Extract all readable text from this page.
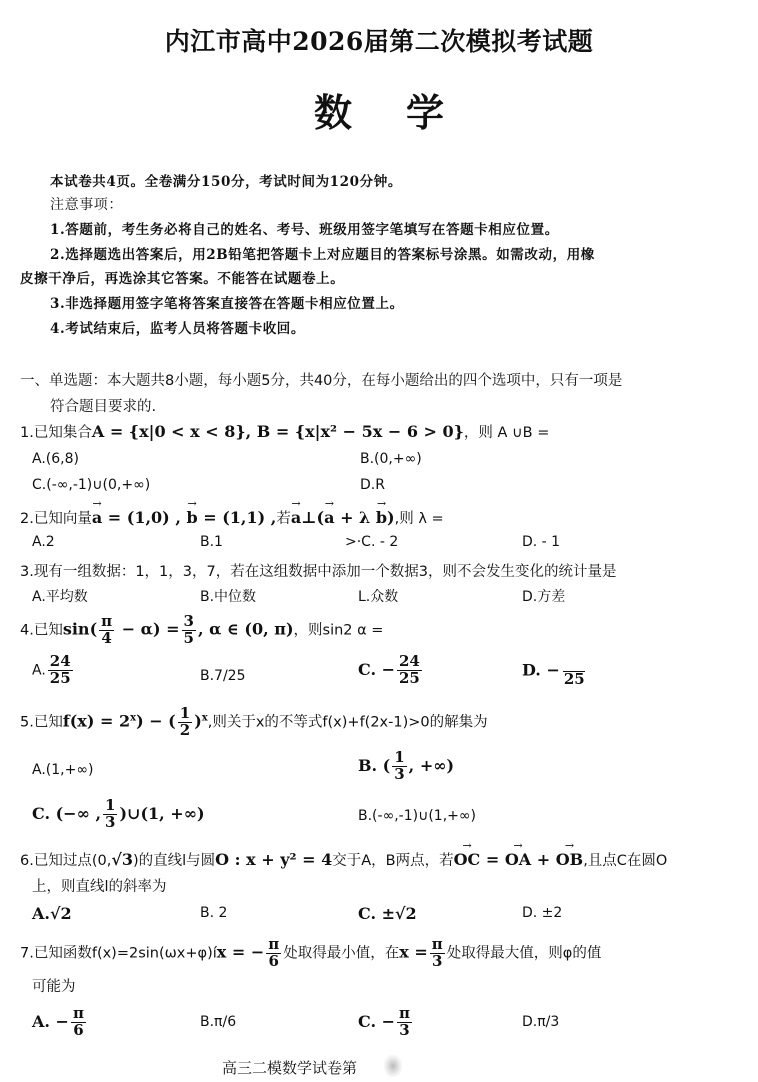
内江市高中2026届第二次模拟考试题
数学
本试卷共4页。全卷满分150分，考试时间为120分钟。
注意事项：
1.答题前，考生务必将自己的姓名、考号、班级用签字笔填写在答题卡相应位置。
2.选择题选出答案后，用2B铅笔把答题卡上对应题目的答案标号涂黑。如需改动，用橡
皮擦干净后，再选涂其它答案。不能答在试题卷上。
3.非选择题用签字笔将答案直接答在答题卡相应位置上。
4.考试结束后，监考人员将答题卡收回。
一、单选题：本大题共8小题，每小题5分，共40分，在每小题给出的四个选项中，只有一项是
符合题目要求的.
1.已知集合A = {x|0 < x < 8}, B = {x|x² − 5x − 6 > 0}，则 A ∪B =
A.(6,8)	B.(0,+∞)
C.(-∞,-1)∪(0,+∞)	D.R
2.已知向量→ a = (1,0) , → b = (1,1) ,若→ a⊥(→ a + λ → b),则 λ =
A.2	B.1	>·C. - 2	D. - 1
3.现有一组数据：1，1，3，7，若在这组数据中添加一个数据3，则不会发生变化的统计量是
A.平均数	B.中位数	L.众数	D.方差
4.已知$\sin( \frac{\pi}{4} - \alpha) = \frac{3}{5}$ , α ∈ (0, π)，则sin2 α =
A. $\frac{24}{25}$	B.7/25	C. − $\frac{24}{25}$	D. − 25
5.已知$f(x) = 2^x$) − ( $\frac{1}{2} )^x$,则关于x的不等式f(x)+f(2x-1)>0的解集为
A.(1,+∞)	B. ( $\frac{1}{3}$ , +∞)
C. (−∞ , $\frac{1}{3}$ )∪(1, +∞)	B.(-∞,-1)∪(1,+∞)
6.已知过点(0,√3)的直线l与圆O : x + y² = 4交于A，B两点，若→ OC = → OA + → OB,且点C在圆O
上，则直线l的斜率为
A.√2	B. 2	C. ±√2	D. ±2
7.已知函数f(x)=2sin(ωx+φ)íx = − $\frac{\pi}{6}$ 处取得最小值，在$x = \frac{\pi}{3}$ 处取得最大值，则φ的值
可能为
A. − $\frac{\pi}{6}$	B.π/6	C. − $\frac{\pi}{3}$	D.π/3
高三二模数学试卷第
